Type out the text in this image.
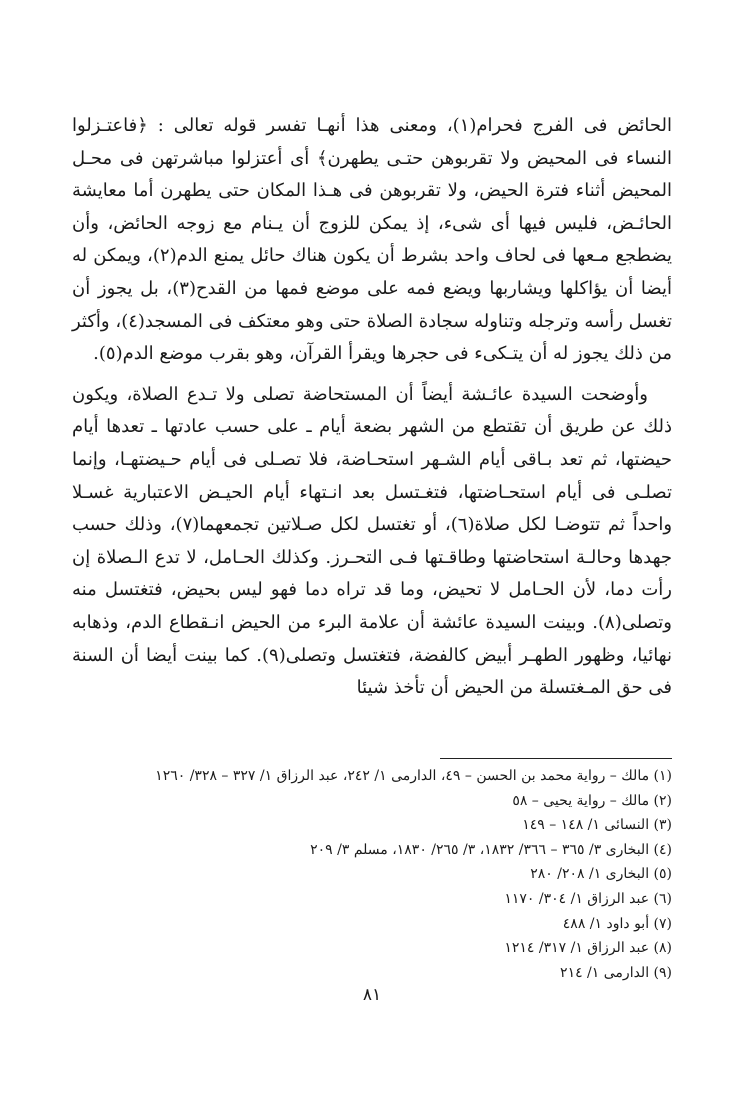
الحائض فى الفرج فحرام(١)، ومعنى هذا أنهـا تفسر قوله تعالى : ﴿فاعتـزلوا النساء فى المحيض ولا تقربوهن حتـى يطهرن﴾ أى أعتزلوا مباشرتهن فى محـل المحيض أثناء فترة الحيض، ولا تقربوهن فى هـذا المكان حتى يطهرن أما معايشة الحائـض، فليس فيها أى شىء، إذ يمكن للزوج أن يـنام مع زوجه الحائض، وأن يضطجع مـعها فى لحاف واحد بشرط أن يكون هناك حائل يمنع الدم(٢)، ويمكن له أيضا أن يؤاكلها ويشاربها ويضع فمه على موضع فمها من القدح(٣)، بل يجوز أن تغسل رأسه وترجله وتناوله سجادة الصلاة حتى وهو معتكف فى المسجد(٤)، وأكثر من ذلك يجوز له أن يتـكىء فى حجرها ويقرأ القرآن، وهو بقرب موضع الدم(٥).

وأوضحت السيدة عائـشة أيضاً أن المستحاضة تصلى ولا تـدع الصلاة، ويكون ذلك عن طريق أن تقتطع من الشهر بضعة أيام ـ على حسب عادتها ـ تعدها أيام حيضتها، ثم تعد بـاقى أيام الشـهر استحـاضة، فلا تصـلى فى أيام حـيضتهـا، وإنما تصلـى فى أيام استحـاضتها، فتغـتسل بعد انـتهاء أيام الحيـض الاعتبارية غسـلا واحداً ثم تتوضـا لكل صلاة(٦)، أو تغتسل لكل صـلاتين تجمعهما(٧)، وذلك حسب جهدها وحالـة استحاضتها وطاقـتها فـى التحـرز. وكذلك الحـامل، لا تدع الـصلاة إن رأت دما، لأن الحـامل لا تحيض، وما قد تراه دما فهو ليس بحيض، فتغتسل منه وتصلى(٨). وبينت السيدة عائشة أن علامة البرء من الحيض انـقطاع الدم، وذهابه نهائيا، وظهور الطهـر أبيض كالفضة، فتغتسل وتصلى(٩). كما بينت أيضا أن السنة فى حق المـغتسلة من الحيض أن تأخذ شيئا

(١) مالك – رواية محمد بن الحسن – ٤٩، الدارمى ١/ ٢٤٢، عبد الرزاق ١/ ٣٢٧ – ٣٢٨/ ١٢٦٠
(٢) مالك – رواية يحيى – ٥٨
(٣) النسائى ١/ ١٤٨ – ١٤٩
(٤) البخارى ٣/ ٣٦٥ – ٣٦٦/ ١٨٣٢، ٣/ ٢٦٥/ ١٨٣٠، مسلم ٣/ ٢٠٩
(٥) البخارى ١/ ٢٠٨/ ٢٨٠
(٦) عبد الرزاق ١/ ٣٠٤/ ١١٧٠
(٧) أبو داود ١/ ٤٨٨
(٨) عبد الرزاق ١/ ٣١٧/ ١٢١٤
(٩) الدارمى ١/ ٢١٤
٨١
